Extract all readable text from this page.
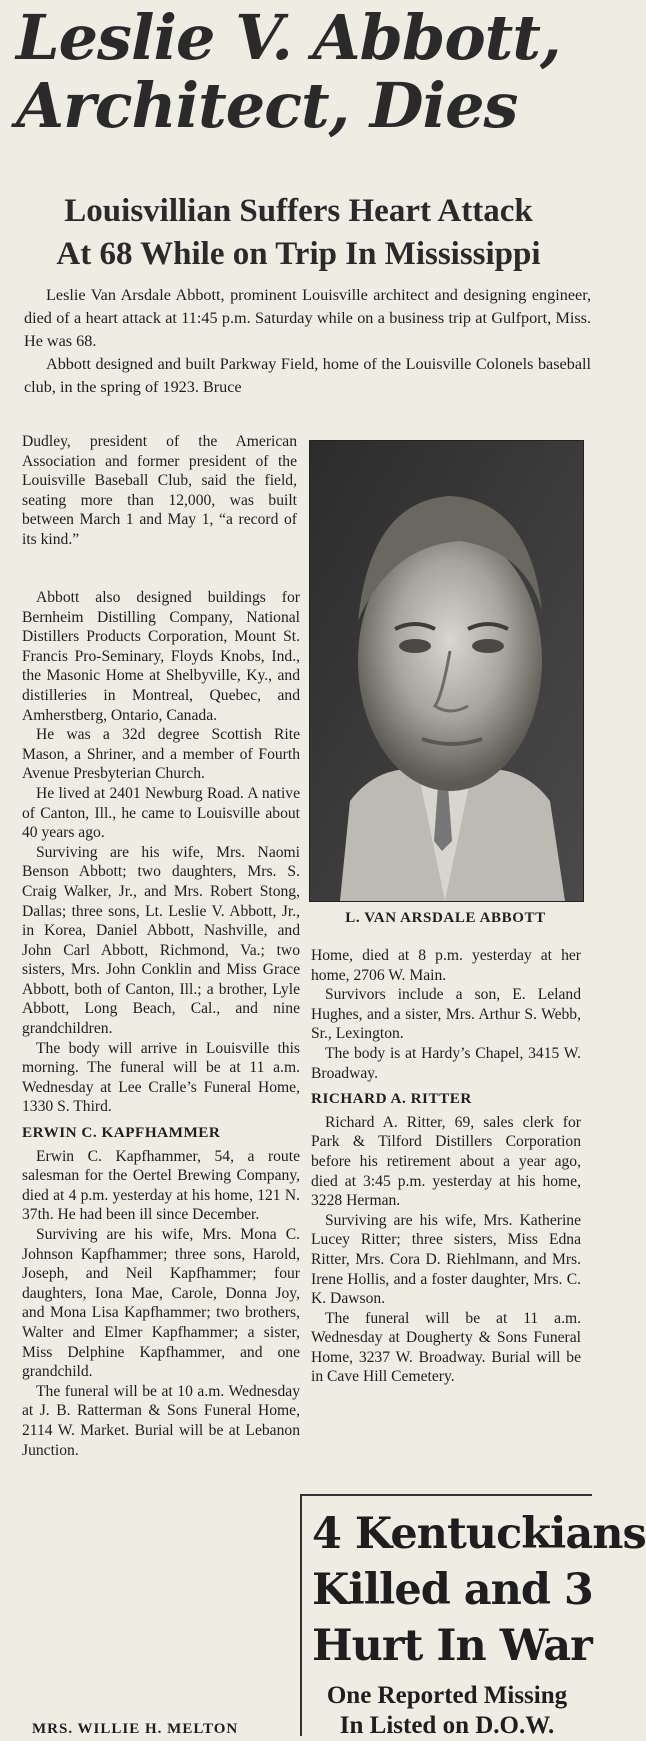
Leslie V. Abbott,
Architect, Dies
Louisvillian Suffers Heart Attack
At 68 While on Trip In Mississippi

Leslie Van Arsdale Abbott, prominent Louisville architect and designing engineer, died of a heart attack at 11:45 p.m. Saturday while on a business trip at Gulfport, Miss. He was 68.

Abbott designed and built Parkway Field, home of the Louisville Colonels baseball club, in the spring of 1923. Bruce

Dudley, president of the American Association and former president of the Louisville Baseball Club, said the field, seating more than 12,000, was built between March 1 and May 1, “a record of its kind.”

Abbott also designed buildings for Bernheim Distilling Company, National Distillers Products Corporation, Mount St. Francis Pro-Seminary, Floyds Knobs, Ind., the Masonic Home at Shelbyville, Ky., and distilleries in Montreal, Quebec, and Amherstberg, Ontario, Canada.

He was a 32d degree Scottish Rite Mason, a Shriner, and a member of Fourth Avenue Presbyterian Church.

He lived at 2401 Newburg Road. A native of Canton, Ill., he came to Louisville about 40 years ago.

Surviving are his wife, Mrs. Naomi Benson Abbott; two daughters, Mrs. S. Craig Walker, Jr., and Mrs. Robert Stong, Dallas; three sons, Lt. Leslie V. Abbott, Jr., in Korea, Daniel Abbott, Nashville, and John Carl Abbott, Richmond, Va.; two sisters, Mrs. John Conklin and Miss Grace Abbott, both of Canton, Ill.; a brother, Lyle Abbott, Long Beach, Cal., and nine grandchildren.

The body will arrive in Louisville this morning. The funeral will be at 11 a.m. Wednesday at Lee Cralle’s Funeral Home, 1330 S. Third.

ERWIN C. KAPFHAMMER

Erwin C. Kapfhammer, 54, a route salesman for the Oertel Brewing Company, died at 4 p.m. yesterday at his home, 121 N. 37th. He had been ill since December.

Surviving are his wife, Mrs. Mona C. Johnson Kapfhammer; three sons, Harold, Joseph, and Neil Kapfhammer; four daughters, Iona Mae, Carole, Donna Joy, and Mona Lisa Kapfhammer; two brothers, Walter and Elmer Kapfhammer; a sister, Miss Delphine Kapfhammer, and one grandchild.

The funeral will be at 10 a.m. Wednesday at J. B. Ratterman & Sons Funeral Home, 2114 W. Market. Burial will be at Lebanon Junction.

MRS. WILLIE H. MELTON
L. VAN ARSDALE ABBOTT

Home, died at 8 p.m. yesterday at her home, 2706 W. Main.

Survivors include a son, E. Leland Hughes, and a sister, Mrs. Arthur S. Webb, Sr., Lexington.

The body is at Hardy’s Chapel, 3415 W. Broadway.

RICHARD A. RITTER

Richard A. Ritter, 69, sales clerk for Park & Tilford Distillers Corporation before his retirement about a year ago, died at 3:45 p.m. yesterday at his home, 3228 Herman.

Surviving are his wife, Mrs. Katherine Lucey Ritter; three sisters, Miss Edna Ritter, Mrs. Cora D. Riehlmann, and Mrs. Irene Hollis, and a foster daughter, Mrs. C. K. Dawson.

The funeral will be at 11 a.m. Wednesday at Dougherty & Sons Funeral Home, 3237 W. Broadway. Burial will be in Cave Hill Cemetery.

4 Kentuckians
Killed and 3
Hurt In War
One Reported Missing
In Listed on D.O.W.
